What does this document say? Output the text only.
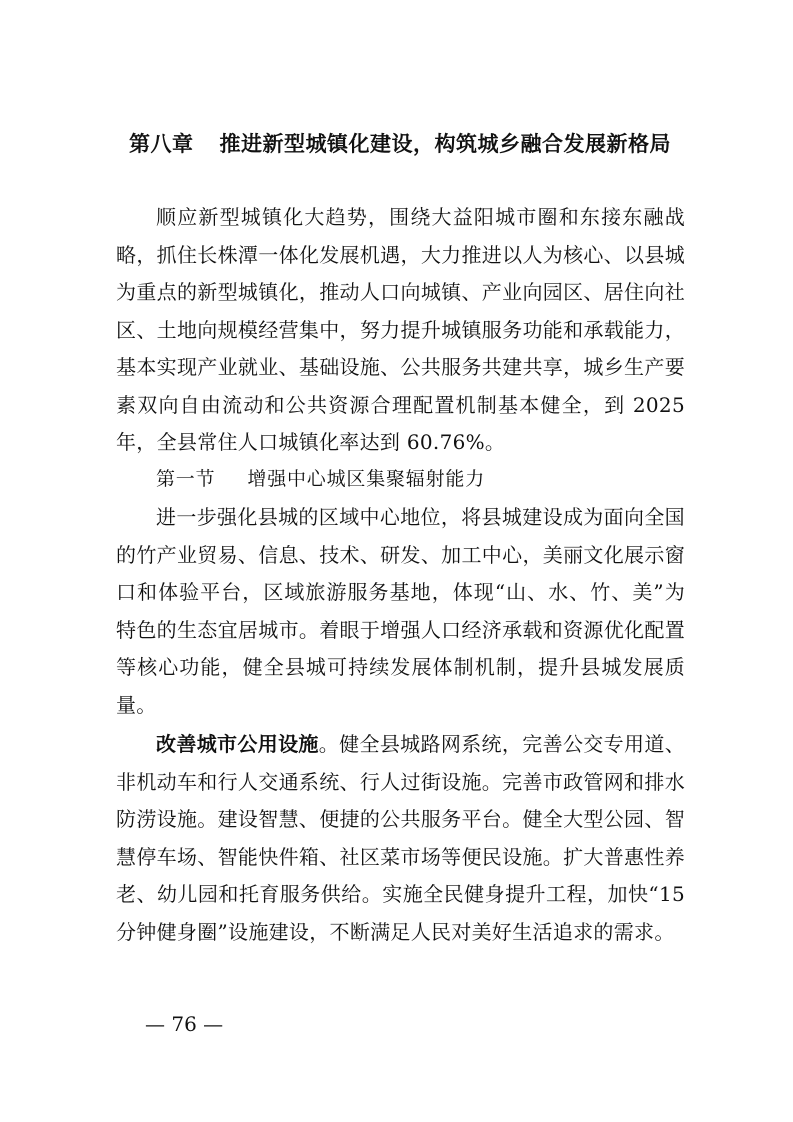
第八章 推进新型城镇化建设，构筑城乡融合发展新格局

顺应新型城镇化大趋势，围绕大益阳城市圈和东接东融战略，抓住长株潭一体化发展机遇，大力推进以人为核心、以县城为重点的新型城镇化，推动人口向城镇、产业向园区、居住向社区、土地向规模经营集中，努力提升城镇服务功能和承载能力，基本实现产业就业、基础设施、公共服务共建共享，城乡生产要素双向自由流动和公共资源合理配置机制基本健全，到 2025 年，全县常住人口城镇化率达到 60.76%。

第一节 增强中心城区集聚辐射能力

进一步强化县城的区域中心地位，将县城建设成为面向全国的竹产业贸易、信息、技术、研发、加工中心，美丽文化展示窗口和体验平台，区域旅游服务基地，体现“山、水、竹、美”为特色的生态宜居城市。着眼于增强人口经济承载和资源优化配置等核心功能，健全县城可持续发展体制机制，提升县城发展质量。

改善城市公用设施。健全县城路网系统，完善公交专用道、非机动车和行人交通系统、行人过街设施。完善市政管网和排水防涝设施。建设智慧、便捷的公共服务平台。健全大型公园、智慧停车场、智能快件箱、社区菜市场等便民设施。扩大普惠性养老、幼儿园和托育服务供给。实施全民健身提升工程，加快“15 分钟健身圈”设施建设，不断满足人民对美好生活追求的需求。

— 76 —
